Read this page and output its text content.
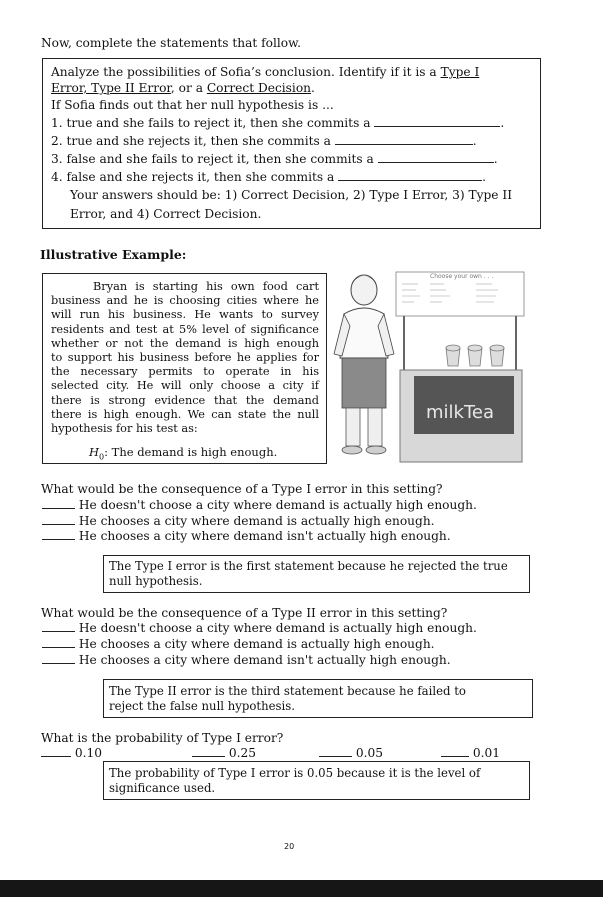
Now, complete the statements that follow.
Analyze the possibilities of Sofia’s conclusion. Identify if it is a Type I
Error, Type II Error, or a Correct Decision.
If Sofia finds out that her null hypothesis is ...
1. true and she fails to reject it, then she commits a	.
2. true and she rejects it, then she commits a	.
3. false and she fails to reject it, then she commits a	.
4. false and she rejects it, then she commits a	.
Your answers should be: 1) Correct Decision, 2) Type I Error, 3) Type II
Error, and 4) Correct Decision.
Illustrative Example:
Bryan is starting his own food cart
business and he is choosing cities where he
will run his business. He wants to survey
residents and test at 5% level of significance
whether or not the demand is high enough
to support his business before he applies for
the necessary permits to operate in his
selected city. He will only choose a city if
there is strong evidence that the demand
there is high enough. We can state the null
hypothesis for his test as:
$H_0$: The demand is high enough.
Choose your own . . .
milkTea
What would be the consequence of a Type I error in this setting?
He doesn't choose a city where demand is actually high enough.
He chooses a city where demand is actually high enough.
He chooses a city where demand isn't actually high enough.
The Type I error is the first statement because he rejected the true
null hypothesis.
What would be the consequence of a Type II error in this setting?
He doesn't choose a city where demand is actually high enough.
He chooses a city where demand is actually high enough.
He chooses a city where demand isn't actually high enough.
The Type II error is the third statement because he failed to
reject the false null hypothesis.
What is the probability of Type I error?
0.10	0.25	0.05	0.01
The probability of Type I error is 0.05 because it is the level of
significance used.
20
